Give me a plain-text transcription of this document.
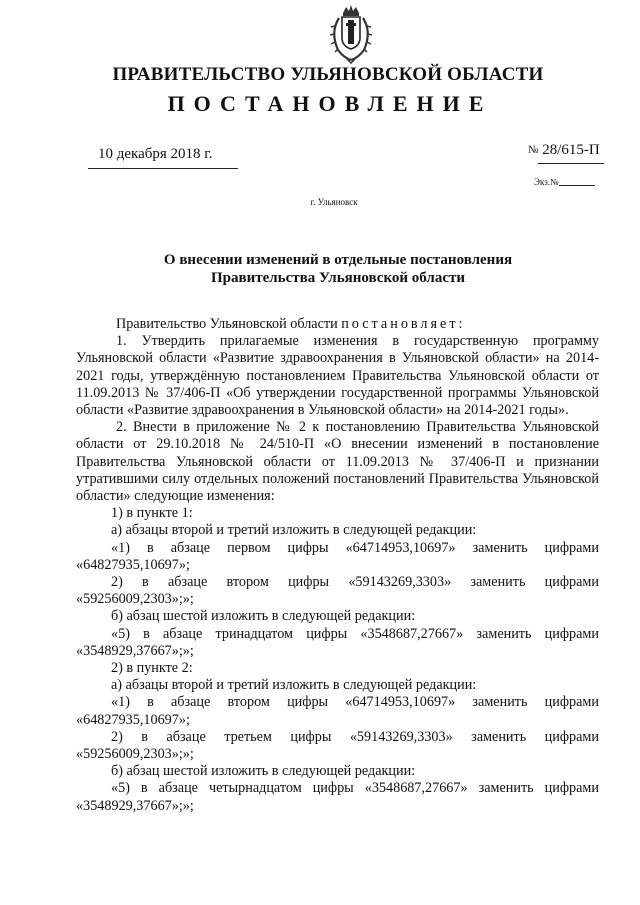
ПРАВИТЕЛЬСТВО УЛЬЯНОВСКОЙ ОБЛАСТИ
ПОСТАНОВЛЕНИЕ
10 декабря 2018 г.	№ 28/615-П
Экз.№
г. Ульяновск
О внесении изменений в отдельные постановления
Правительства Ульяновской области

Правительство Ульяновской области постановляет:

1. Утвердить прилагаемые изменения в государственную программу Ульяновской области «Развитие здравоохранения в Ульяновской области» на 2014-2021 годы, утверждённую постановлением Правительства Ульяновской области от 11.09.2013 № 37/406-П «Об утверждении государственной программы Ульяновской области «Развитие здравоохранения в Ульяновской области» на 2014-2021 годы».

2. Внести в приложение № 2 к постановлению Правительства Ульяновской области от 29.10.2018 № 24/510-П «О внесении изменений в постановление Правительства Ульяновской области от 11.09.2013 № 37/406-П и признании утратившими силу отдельных положений постановлений Правительства Ульяновской области» следующие изменения:

1) в пункте 1:

а) абзацы второй и третий изложить в следующей редакции:

«1) в абзаце первом цифры «64714953,10697» заменить цифрами «64827935,10697»;

2) в абзаце втором цифры «59143269,3303» заменить цифрами «59256009,2303»;»;

б) абзац шестой изложить в следующей редакции:

«5) в абзаце тринадцатом цифры «3548687,27667» заменить цифрами «3548929,37667»;»;

2) в пункте 2:

а) абзацы второй и третий изложить в следующей редакции:

«1) в абзаце втором цифры «64714953,10697» заменить цифрами «64827935,10697»;

2) в абзаце третьем цифры «59143269,3303» заменить цифрами «59256009,2303»;»;

б) абзац шестой изложить в следующей редакции:

«5) в абзаце четырнадцатом цифры «3548687,27667» заменить цифрами «3548929,37667»;»;
